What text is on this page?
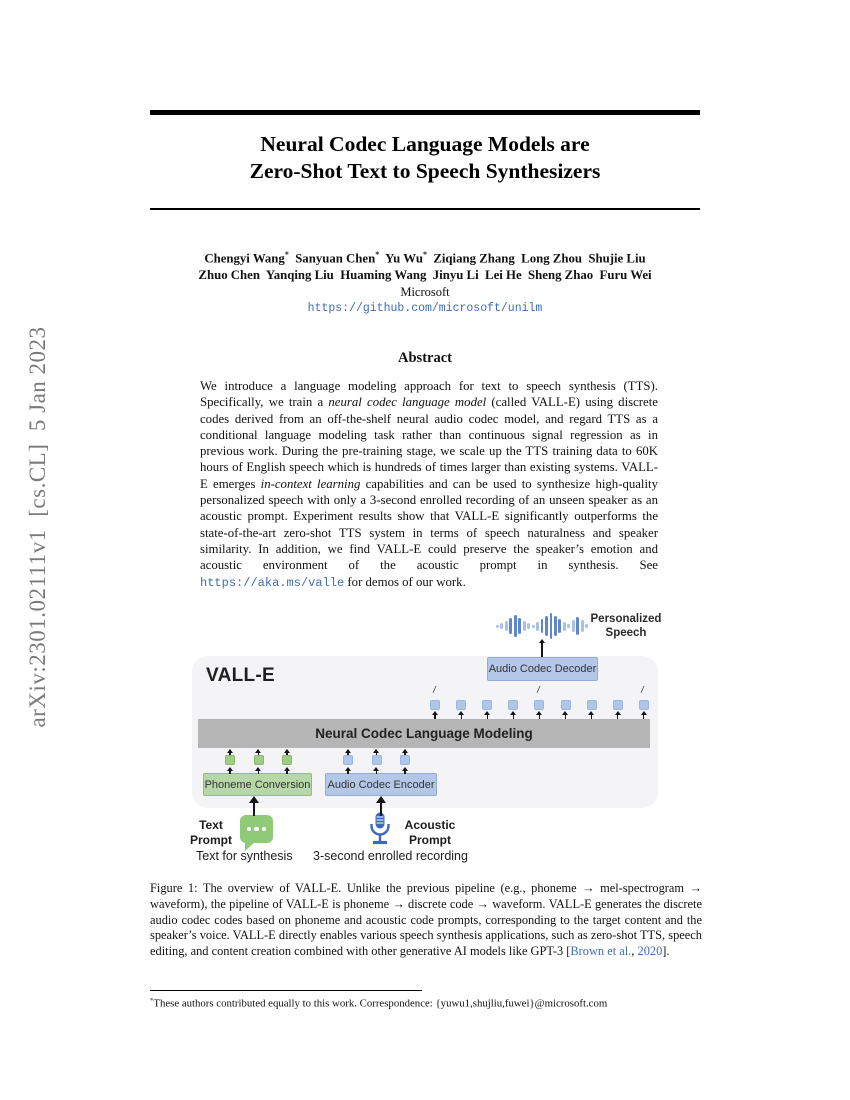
arXiv:2301.02111v1  [cs.CL]  5 Jan 2023
Neural Codec Language Models are
Zero-Shot Text to Speech Synthesizers
Chengyi Wang*  Sanyuan Chen*  Yu Wu*  Ziqiang Zhang  Long Zhou  Shujie Liu
Zhuo Chen  Yanqing Liu  Huaming Wang  Jinyu Li  Lei He  Sheng Zhao  Furu Wei
Microsoft
https://github.com/microsoft/unilm
Abstract
We introduce a language modeling approach for text to speech synthesis (TTS). Specifically, we train a neural codec language model (called VALL-E) using discrete codes derived from an off-the-shelf neural audio codec model, and regard TTS as a conditional language modeling task rather than continuous signal regression as in previous work. During the pre-training stage, we scale up the TTS training data to 60K hours of English speech which is hundreds of times larger than existing systems. VALL-E emerges in-context learning capabilities and can be used to synthesize high-quality personalized speech with only a 3-second enrolled recording of an unseen speaker as an acoustic prompt. Experiment results show that VALL-E significantly outperforms the state-of-the-art zero-shot TTS system in terms of speech naturalness and speaker similarity. In addition, we find VALL-E could preserve the speaker’s emotion and acoustic environment of the acoustic prompt in synthesis. See https://aka.ms/valle for demos of our work.
VALL-E
Personalized Speech
Audio Codec Decoder
Neural Codec Language Modeling
Phoneme Conversion Audio Codec Encoder
Text Prompt
Acoustic Prompt
Text for synthesis 3-second enrolled recording
/	/	/
Figure 1: The overview of VALL-E. Unlike the previous pipeline (e.g., phoneme → mel-spectrogram → waveform), the pipeline of VALL-E is phoneme → discrete code → waveform. VALL-E generates the discrete audio codec codes based on phoneme and acoustic code prompts, corresponding to the target content and the speaker’s voice. VALL-E directly enables various speech synthesis applications, such as zero-shot TTS, speech editing, and content creation combined with other generative AI models like GPT-3 [Brown et al., 2020].
*These authors contributed equally to this work. Correspondence: {yuwu1,shujliu,fuwei}@microsoft.com
